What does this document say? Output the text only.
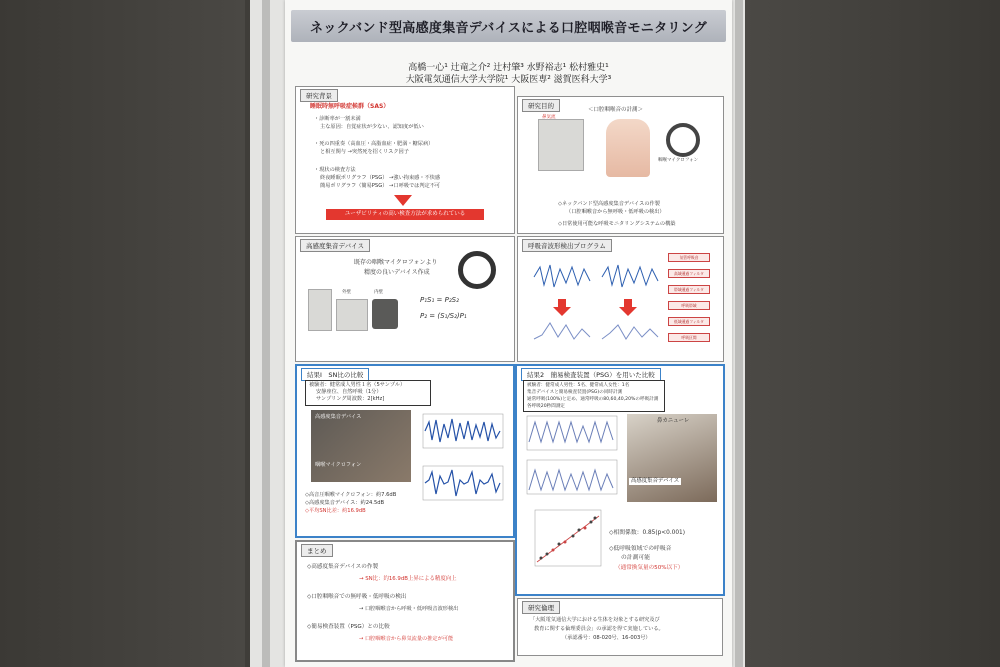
ネックバンド型高感度集音デバイスによる口腔咽喉音モニタリング
高橋一心¹ 辻竜之介² 辻村肇³ 水野裕志¹ 松村雅史¹
大阪電気通信大学大学院¹ 大阪医専² 滋賀医科大学³
研究背景
睡眠時無呼吸症候群（SAS）
・診断率が一割未満
主な原因：自覚症状が少ない、認知度が低い
・死の四重奏（高血圧・高脂血症・肥満・糖尿病）
と相互関与 →突然死を招くリスク因子
・現状の検査方法
終夜睡眠ポリグラフ（PSG） →強い拘束感・不快感
簡易ポリグラフ（簡易PSG） →口呼吸では判定不可
ユーザビリティの高い検査方法が求められている
研究目的	＜口腔咽喉音の計測＞
鼻気流
咽喉マイクロフォン
◇ネックバンド型高感度集音デバイスの作製
（口腔咽喉音から無呼吸・低呼吸の検出）
◇日常使用可能な呼吸モニタリングシステムの構築
高感度集音デバイス
既存の咽喉マイクロフォンより
精度の良いデバイス作成
外壁	内壁
P₁S₁ = P₂S₂
P₂ = (S₁/S₂)P₁
呼吸音波形検出プログラム
気管呼吸音
高域通過フィルタ
帯域通過フィルタ
呼吸帯域
低域通過フィルタ
呼吸区間
結果Ⅰ　SN比の比較
被験者：健常成人男性１名（5サンプル）
安静座位、自然呼吸（1分）
サンプリング周波数：2[kHz]
高感度集音デバイス
咽喉マイクロフォン
◇高音圧咽喉マイクロフォン：約7.6dB
◇高感度集音デバイス：約24.5dB
◇平均SN比差：約16.9dB
結果2　簡易検査装置（PSG）を用いた比較
被験者：健常成人男性：5名、健常成人女性：1名
集音デバイスと簡易検査装置(PSG)の同時計測
通常呼吸(100%)と定め、通常呼吸の80,60,40,20%の呼吸計測
各呼吸20秒間測定
鼻カニューレ
高感度集音デバイス
◇相関係数：0.85(p<0.001)
◇低呼吸領域での呼吸音
の計測可能
（通常換気量の50%以下）
まとめ
◇高感度集音デバイスの作製
→ SN比：約16.9dB上昇による精度向上
◇口腔咽喉音での無呼吸・低呼吸の検出
→ 口腔咽喉音から呼吸・低呼吸音波形検出
◇簡易検査装置（PSG）との比較
→ 口腔咽喉音から鼻気流量の推定が可能
研究倫理
「大阪電気通信大学における生体を対象とする研究及び
教育に関する倫理委員会」の承認を得て実施している。
（承認番号：08-020号、16-003号）
